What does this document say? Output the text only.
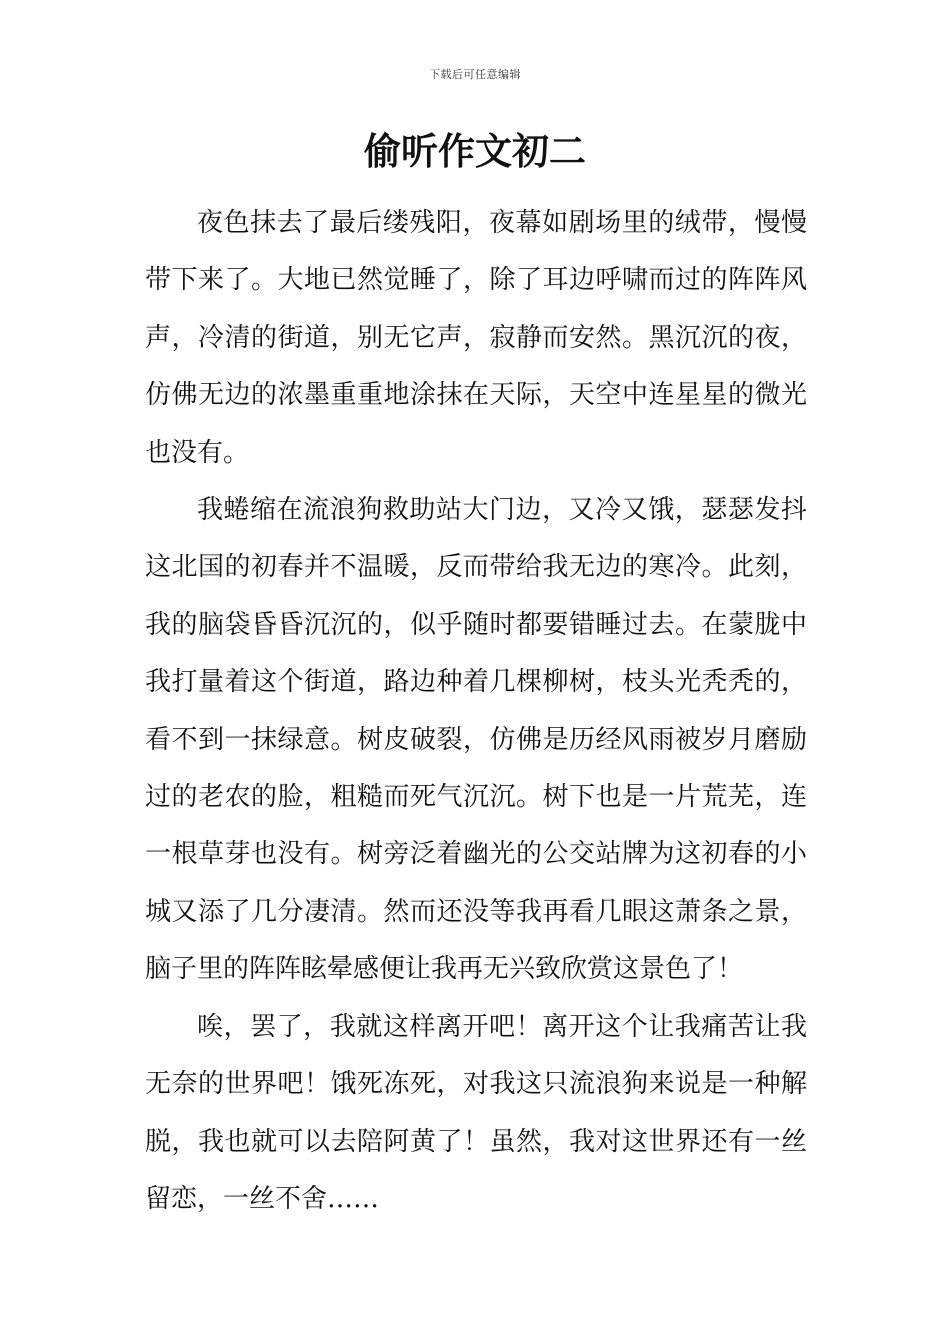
下载后可任意编辑
偷听作文初二

夜色抹去了最后缕残阳，夜幕如剧场里的绒带，慢慢带下来了。大地已然觉睡了，除了耳边呼啸而过的阵阵风声，冷清的街道，别无它声，寂静而安然。黑沉沉的夜，仿佛无边的浓墨重重地涂抹在天际，天空中连星星的微光也没有。

我蜷缩在流浪狗救助站大门边，又冷又饿，瑟瑟发抖这北国的初春并不温暖，反而带给我无边的寒冷。此刻，我的脑袋昏昏沉沉的，似乎随时都要错睡过去。在蒙胧中我打量着这个街道，路边种着几棵柳树，枝头光秃秃的，看不到一抹绿意。树皮破裂，仿佛是历经风雨被岁月磨励过的老农的脸，粗糙而死气沉沉。树下也是一片荒芜，连一根草芽也没有。树旁泛着幽光的公交站牌为这初春的小城又添了几分凄清。然而还没等我再看几眼这萧条之景，脑子里的阵阵眩晕感便让我再无兴致欣赏这景色了！

唉，罢了，我就这样离开吧！离开这个让我痛苦让我无奈的世界吧！饿死冻死，对我这只流浪狗来说是一种解脱，我也就可以去陪阿黄了！虽然，我对这世界还有一丝留恋，一丝不舍……
